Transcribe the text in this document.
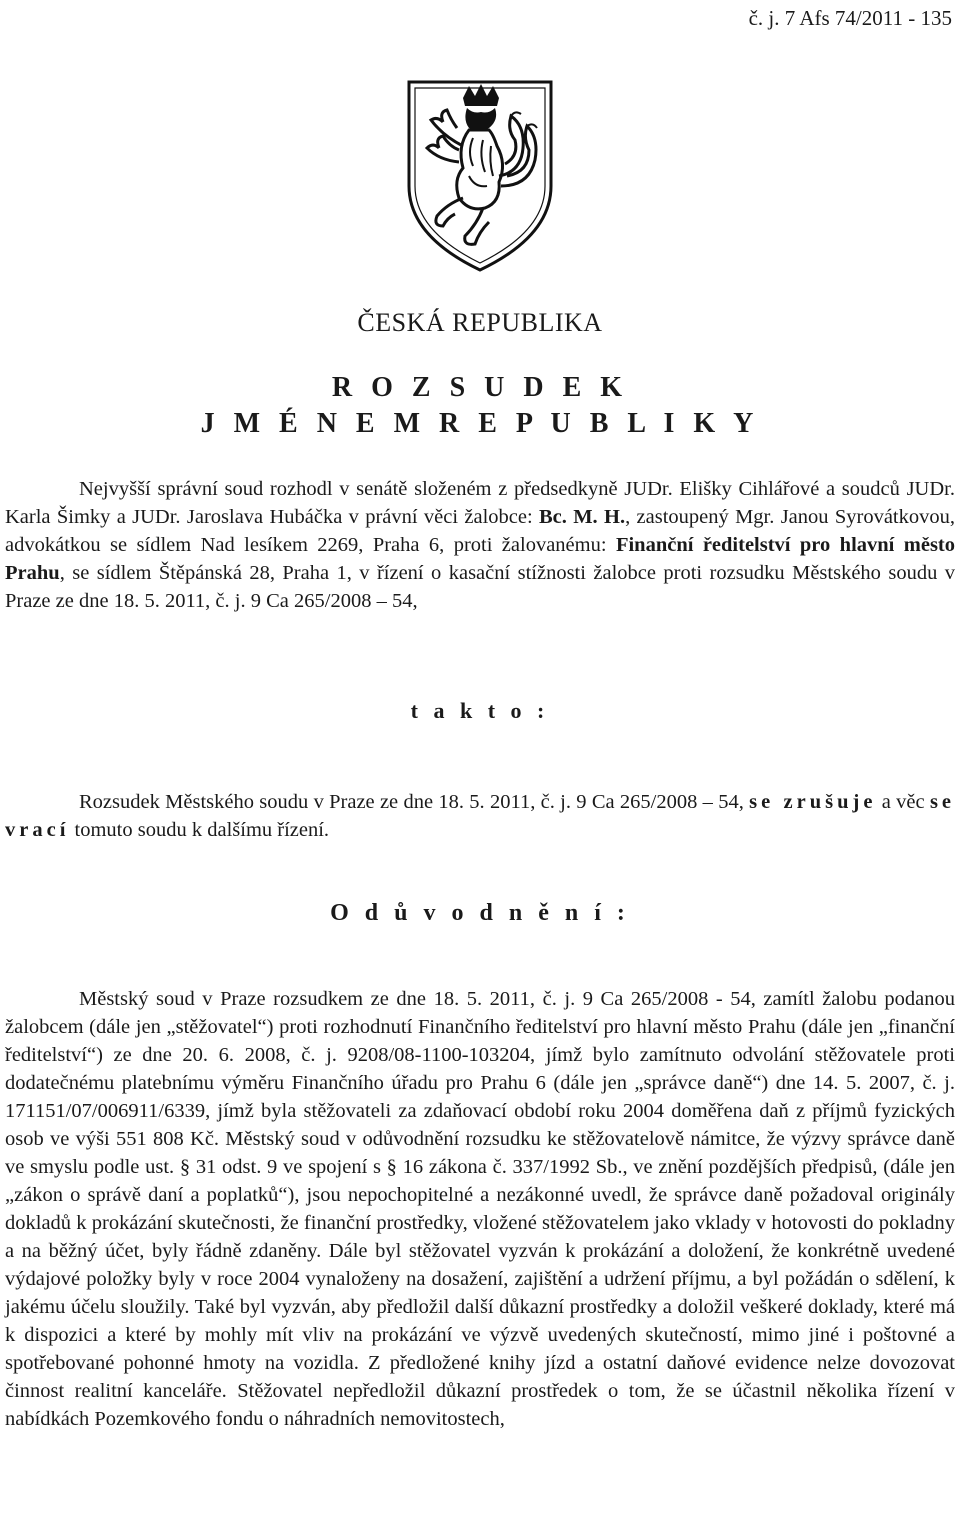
č. j. 7 Afs 74/2011 - 135
ČESKÁ REPUBLIKA
R O Z S U D E K
J M É N E M R E P U B L I K Y
Nejvyšší správní soud rozhodl v senátě složeném z předsedkyně JUDr. Elišky Cihlářové a soudců JUDr. Karla Šimky a JUDr. Jaroslava Hubáčka v právní věci žalobce: Bc. M. H., zastoupený Mgr. Janou Syrovátkovou, advokátkou se sídlem Nad lesíkem 2269, Praha 6, proti žalovanému: Finanční ředitelství pro hlavní město Prahu, se sídlem Štěpánská 28, Praha 1, v řízení o kasační stížnosti žalobce proti rozsudku Městského soudu v Praze ze dne 18. 5. 2011, č. j. 9 Ca 265/2008 – 54,
t a k t o :
Rozsudek Městského soudu v Praze ze dne 18. 5. 2011, č. j. 9 Ca 265/2008 – 54, se zrušuje a věc se vrací tomuto soudu k dalšímu řízení.
O d ů v o d n ě n í :
Městský soud v Praze rozsudkem ze dne 18. 5. 2011, č. j. 9 Ca 265/2008 - 54, zamítl žalobu podanou žalobcem (dále jen „stěžovatel“) proti rozhodnutí Finančního ředitelství pro hlavní město Prahu (dále jen „finanční ředitelství“) ze dne 20. 6. 2008, č. j. 9208/08-1100-103204, jímž bylo zamítnuto odvolání stěžovatele proti dodatečnému platebnímu výměru Finančního úřadu pro Prahu 6 (dále jen „správce daně“) dne 14. 5. 2007, č. j. 171151/07/006911/6339, jímž byla stěžovateli za zdaňovací období roku 2004 doměřena daň z příjmů fyzických osob ve výši 551 808 Kč. Městský soud v odůvodnění rozsudku ke stěžovatelově námitce, že výzvy správce daně ve smyslu podle ust. § 31 odst. 9 ve spojení s § 16 zákona č. 337/1992 Sb., ve znění pozdějších předpisů, (dále jen „zákon o správě daní a poplatků“), jsou nepochopitelné a nezákonné uvedl, že správce daně požadoval originály dokladů k prokázání skutečnosti, že finanční prostředky, vložené stěžovatelem jako vklady v hotovosti do pokladny a na běžný účet, byly řádně zdaněny. Dále byl stěžovatel vyzván k prokázání a doložení, že konkrétně uvedené výdajové položky byly v roce 2004 vynaloženy na dosažení, zajištění a udržení příjmu, a byl požádán o sdělení, k jakému účelu sloužily. Také byl vyzván, aby předložil další důkazní prostředky a doložil veškeré doklady, které má k dispozici a které by mohly mít vliv na prokázání ve výzvě uvedených skutečností, mimo jiné i poštovné a spotřebované pohonné hmoty na vozidla. Z předložené knihy jízd a ostatní daňové evidence nelze dovozovat činnost realitní kanceláře. Stěžovatel nepředložil důkazní prostředek o tom, že se účastnil několika řízení v nabídkách Pozemkového fondu o náhradních nemovitostech,
